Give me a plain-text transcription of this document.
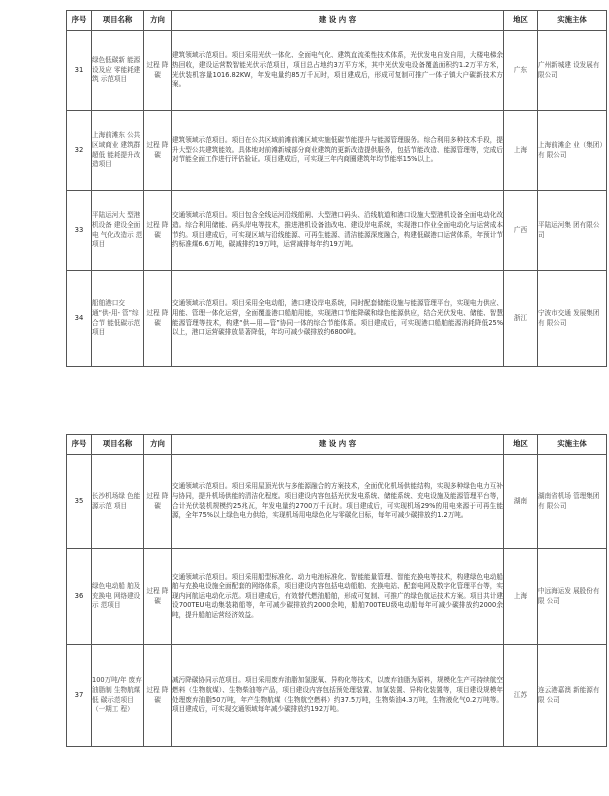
序号	项目名称	方向	建 设 内 容	地区	实施主体
31	绿色低碳新 能源设及应 零能耗建筑 示范项目	过程 降碳	建筑领域示范项目。项目采用光伏一体化、全面电气化、建筑直流柔性技术体系，光伏发电自发自用，大楼电梯余热回收，建设运营数智能光伏示范项目，项目总占地约3万平方米，其中光伏发电设备覆盖面积约1.2万平方米，光伏装机容量1016.82KW，年发电量约85万千瓦时，项目建成后，形成可复制可推广一体子镇大户碳新技术方案。	广东	广州新城建 设发展有 限公司
32	上海前滩东 公共区域商业 建筑群超低 能耗提升改 造项目	过程 降碳	建筑领域示范项目。项目在公共区域前滩前滩区域实施低碳节能提升与能源管理服务。综合利用多种技术手段，提升大型公共建筑能效。具体地对前滩新城部分商业建筑的更新改造提供服务，包括节能改造、能源管理等，完成后对节能全面工作进行评估验证。项目建成后，可实现三年内商圈建筑年均节能率15%以上。	上海	上海前滩企 业（集团）有 限公司
33	平陆运河大 型港机设备 建设全面电 气化改造示 范项目	过程 降碳	交通领域示范项目。项目包含全线运河沿线船闸、大型港口码头、沿线航道和港口设施大型港机设备全面电动化改造。综合利用储能、码头岸电等技术，推进港机设备油改电、建设岸电系统，实现港口作业全面电动化与运营成本节约。项目建成后，可实现区域与沿线能源、可再生能源、清洁能源深度融合，构建低碳港口运营体系，年预计节约标准煤6.6万吨，碳减排约19万吨，运营减排每年约19万吨。	广西	平陆运河集 团有限公司
34	船舶港口交 通“供-用- 管”综合节 能低碳示范 项目	过程 降碳	交通领域示范项目。项目采用全电动船，港口建设岸电系统，同时配套储能设施与能源管理平台，实现电力供应、用能、管理一体化运营，全面覆盖港口船舶用能，实现港口节能降碳和绿色能源供应，结合光伏发电、储能、智慧能源管理等技术，构建“供—用—管”协同一体的综合节能体系。项目建成后，可实现港口船舶能源消耗降低25%以上，港口运营碳排放显著降低，年均可减少碳排放约6800吨。	浙江	宁波市交通 发展集团有 限公司
序号	项目名称	方向	建 设 内 容	地区	实施主体
35	长沙机场绿 色能源示范 项目	过程 降碳	交通领域示范项目。项目采用屋顶光伏与多能源融合的方案技术，全面优化机场供能结构，实现多种绿色电力互补与协同，提升机场供能的清洁化程度。项目建设内容包括光伏发电系统、储能系统、充电设施及能源管理平台等，合计光伏装机规模约25兆瓦，年发电量约2700万千瓦时。项目建成后，可实现机场29%的用电来源于可再生能源，全年75%以上绿色电力供给，实现机场用电绿色化与零碳化目标，每年可减少碳排放约1.2万吨。	湖南	湖南省机场 管理集团有 限公司
36	绿色电动船 舶及充换电 网络建设示 范项目	过程 降碳	交通领域示范项目。项目采用船型标准化、动力电池标准化、智能能量管理、智能充换电等技术，构建绿色电动船舶与充换电设施全面配套的网络体系，项目建设内容包括电动船舶、充换电站、配套电网及数字化管理平台等，实现内河航运电动化示范。项目建成后，有效替代燃油船舶，形成可复制、可推广的绿色航运技术方案。项目共计建设700TEU电动集装箱船等，年可减少碳排放约2000余吨，船舶700TEU级电动船每年可减少碳排放约2000余吨，提升船舶运营经济效益。	上海	中远海运发 展股份有限 公司
37	100万吨/年 废弃油脂制 生物航煤低 碳示范项目 （一期工 程）	过程 降碳	减污降碳协同示范项目。项目采用废弃油脂加氢脱氧、异构化等技术，以废弃油脂为原料，规模化生产可持续航空燃料（生物航煤）、生物柴油等产品，项目建设内容包括预处理装置、加氢装置、异构化装置等，项目建设规模年处理废弃油脂50万吨，年产生物航煤（生物航空燃料）约37.5万吨，生物柴油4.3万吨，生物液化气0.2万吨等。项目建成后，可实现交通领域每年减少碳排放约192万吨。	江苏	连云港嘉澳 新能源有限 公司
